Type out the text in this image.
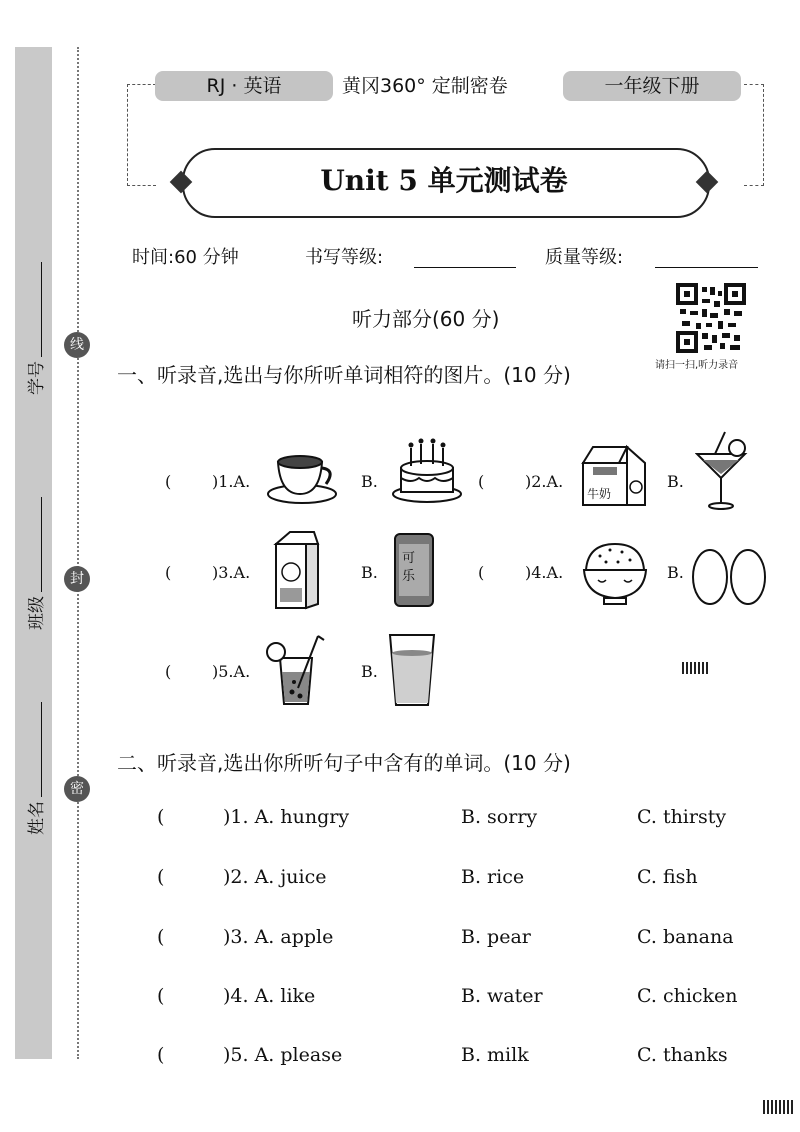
学号
班级
姓名
线
封
密
RJ · 英语	黄冈360° 定制密卷	一年级下册
Unit 5 单元测试卷
时间:60 分钟	书写等级:	质量等级:
听力部分(60 分)
请扫一扫,听力录音
一、听录音,选出与你所听单词相符的图片。(10 分)
(	)1.A.	B.	(	)2.A.
牛奶
B.
(	)3.A.	B.
可乐	(	)4.A.	B.
(	)5.A.	B.
二、听录音,选出你所听句子中含有的单词。(10 分)
(	)1. A. hungry	B. sorry	C. thirsty
(	)2. A. juice	B. rice	C. fish
(	)3. A. apple	B. pear	C. banana
(	)4. A. like	B. water	C. chicken
(	)5. A. please	B. milk	C. thanks
